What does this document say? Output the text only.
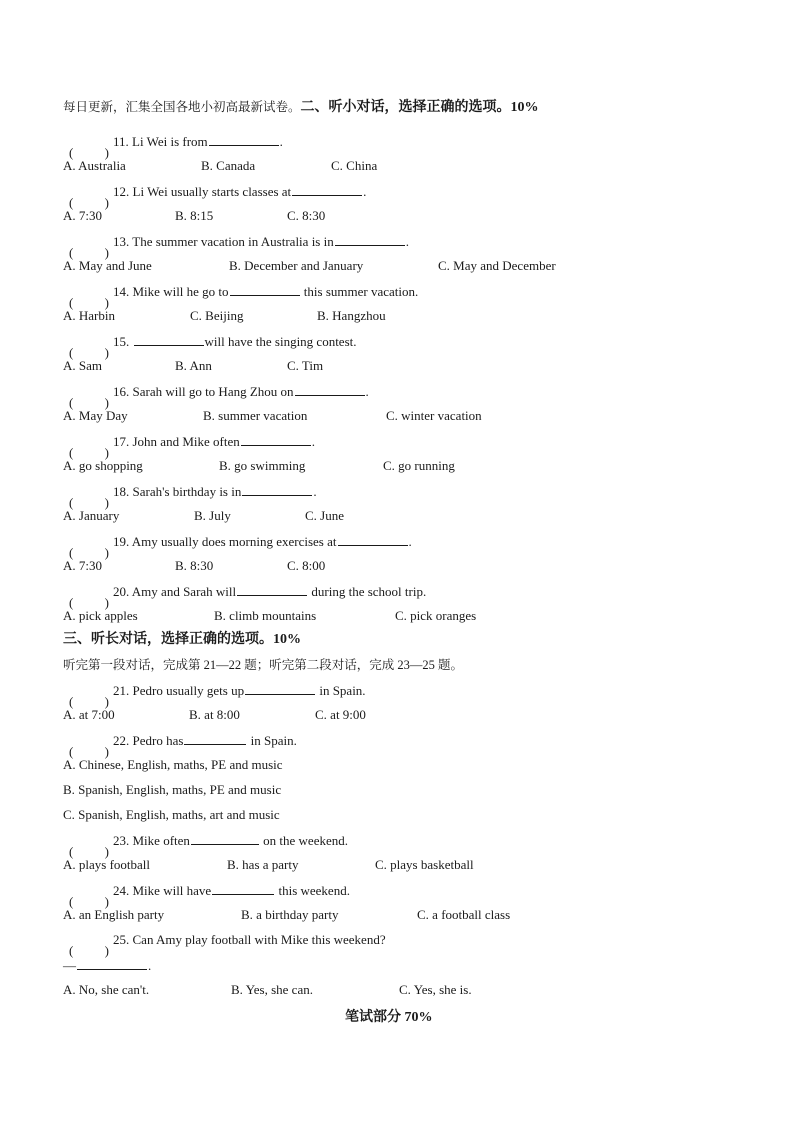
每日更新，汇集全国各地小初高最新试卷。二、听小对话，选择正确的选项。10%
11. Li Wei is from	.
A. Australia	B. Canada	C. China
12. Li Wei usually starts classes at	.
A. 7:30	B. 8:15	C. 8:30
13. The summer vacation in Australia is in	.
A. May and June	B. December and January	C. May and December
14. Mike will he go to	this summer vacation.
A. Harbin	C. Beijing	B. Hangzhou
15.	will have the singing contest.
A. Sam	B. Ann	C. Tim
16. Sarah will go to Hang Zhou on	.
A. May Day	B. summer vacation	C. winter vacation
17. John and Mike often	.
A. go shopping	B. go swimming	C. go running
18. Sarah's birthday is in	.
A. January	B. July	C. June
19. Amy usually does morning exercises at	.
A. 7:30	B. 8:30	C. 8:00
20. Amy and Sarah will	during the school trip.
A. pick apples	B. climb mountains	C. pick oranges
三、听长对话，选择正确的选项。10%
听完第一段对话，完成第 21—22 题；听完第二段对话，完成 23—25 题。
21. Pedro usually gets up	in Spain.
A. at 7:00	B. at 8:00	C. at 9:00
22. Pedro has	in Spain.
A. Chinese, English, maths, PE and music
B. Spanish, English, maths, PE and music
C. Spanish, English, maths, art and music
23. Mike often	on the weekend.
A. plays football	B. has a party	C. plays basketball
24. Mike will have	this weekend.
A. an English party	B. a birthday party	C. a football class
25. Can Amy play football with Mike this weekend?
—	.
A. No, she can't.	B. Yes, she can.	C. Yes, she is.
笔试部分 70%
